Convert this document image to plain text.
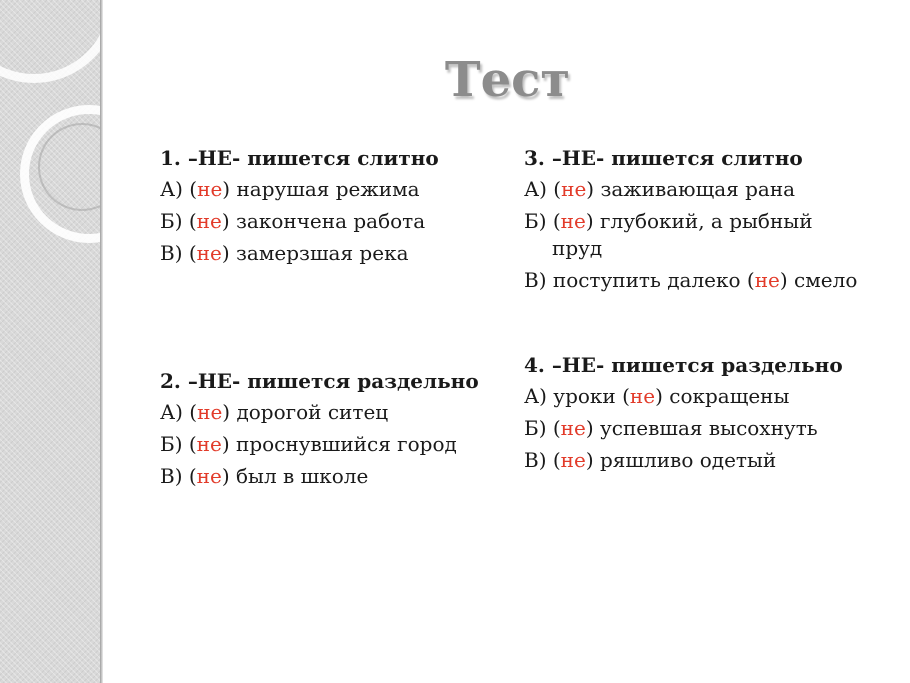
Тест
1. –НЕ- пишется слитно
А) (не) нарушая режима
Б) (не) закончена работа
В) (не) замерзшая река
2. –НЕ- пишется раздельно
А) (не) дорогой ситец
Б) (не) проснувшийся город
В) (не) был в школе
3. –НЕ- пишется слитно
А) (не) заживающая рана
Б) (не) глубокий, а рыбный пруд
В) поступить далеко (не) смело
4. –НЕ- пишется раздельно
А) уроки (не) сокращены
Б) (не) успевшая высохнуть
В) (не) ряшливо одетый
